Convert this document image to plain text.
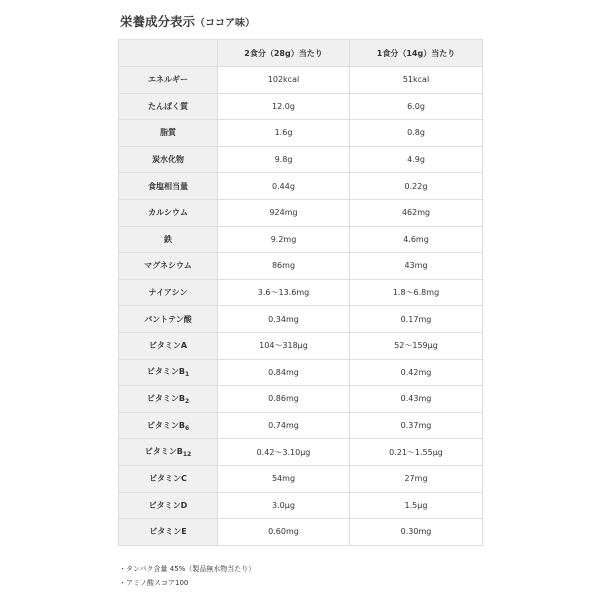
栄養成分表示（ココア味）
	2食分（28g）当たり	1食分（14g）当たり
エネルギー	102kcal	51kcal
たんぱく質	12.0g	6.0g
脂質	1.6g	0.8g
炭水化物	9.8g	4.9g
食塩相当量	0.44g	0.22g
カルシウム	924mg	462mg
鉄	9.2mg	4.6mg
マグネシウム	86mg	43mg
ナイアシン	3.6〜13.6mg	1.8〜6.8mg
パントテン酸	0.34mg	0.17mg
ビタミンA	104〜318μg	52〜159μg
ビタミン$B_1$	0.84mg	0.42mg
ビタミン$B_2$	0.86mg	0.43mg
ビタミン$B_6$	0.74mg	0.37mg
ビタミン$B_{12}$	0.42〜3.10μg	0.21〜1.55μg
ビタミンC	54mg	27mg
ビタミンD	3.0μg	1.5μg
ビタミンE	0.60mg	0.30mg
・タンパク含量 45%（製品無水物当たり）
・アミノ酸スコア100
